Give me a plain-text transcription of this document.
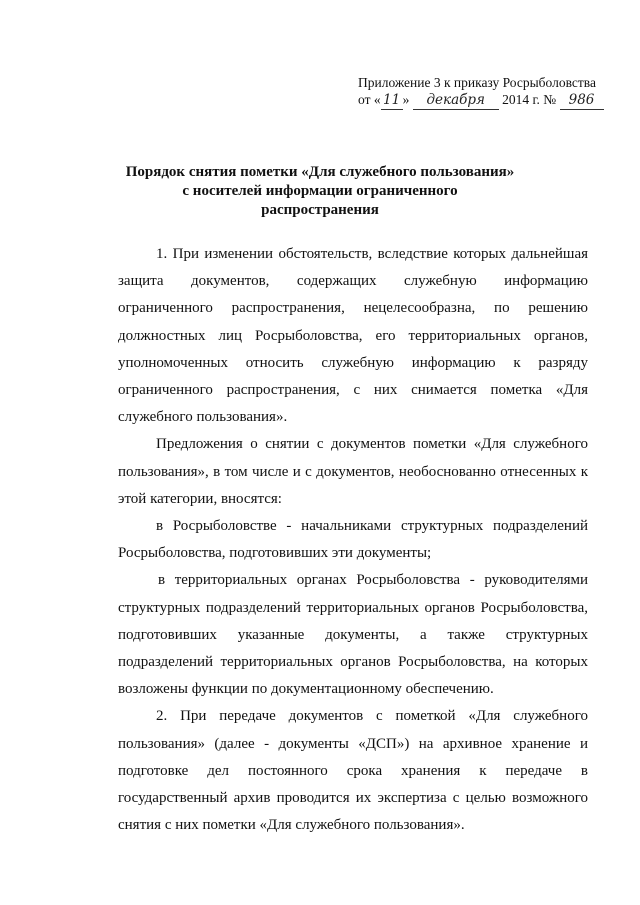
Приложение 3 к приказу Росрыболовства
от « 11 » декабря 2014 г. № 986
Порядок снятия пометки «Для служебного пользования»
с носителей информации ограниченного
распространения

1. При изменении обстоятельств, вследствие которых дальнейшая защита документов, содержащих служебную информацию ограниченного распространения, нецелесообразна, по решению должностных лиц Росрыболовства, его территориальных органов, уполномоченных относить служебную информацию к разряду ограниченного распространения, с них снимается пометка «Для служебного пользования».

Предложения о снятии с документов пометки «Для служебного пользования», в том числе и с документов, необоснованно отнесенных к этой категории, вносятся:

в Росрыболовстве - начальниками структурных подразделений Росрыболовства, подготовивших эти документы;

в территориальных органах Росрыболовства - руководителями структурных подразделений территориальных органов Росрыболовства, подготовивших указанные документы, а также структурных подразделений территориальных органов Росрыболовства, на которых возложены функции по документационному обеспечению.

2. При передаче документов с пометкой «Для служебного пользования» (далее - документы «ДСП») на архивное хранение и подготовке дел постоянного срока хранения к передаче в государственный архив проводится их экспертиза с целью возможного снятия с них пометки «Для служебного пользования».
